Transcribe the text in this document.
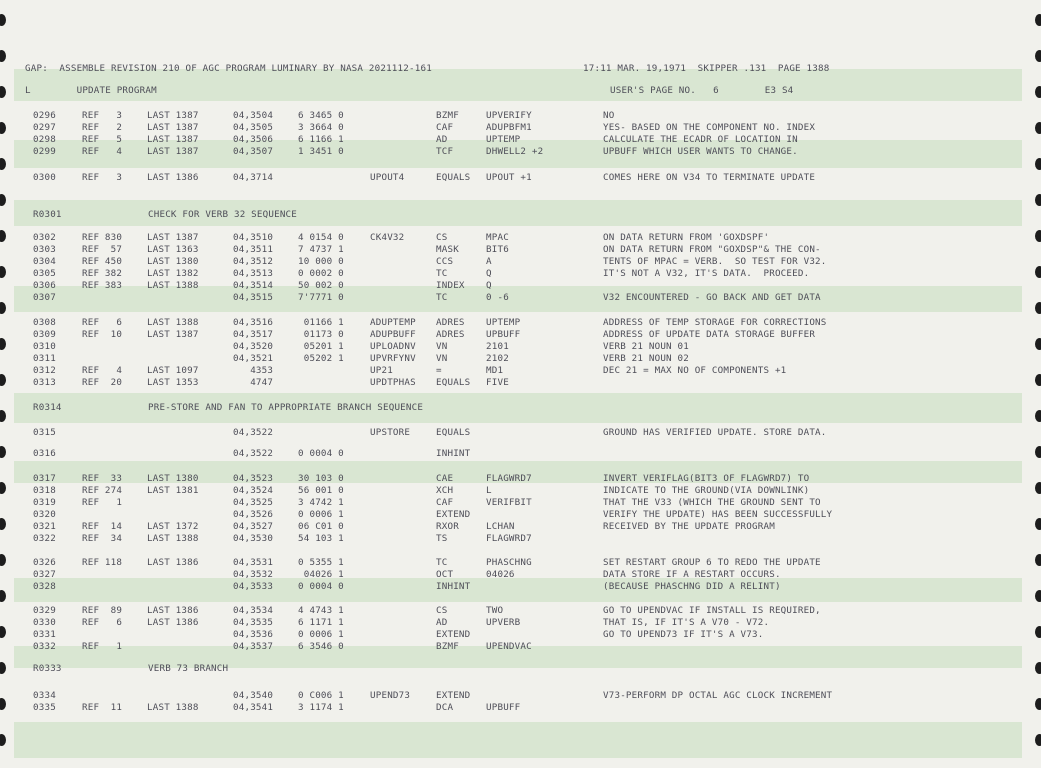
GAP:  ASSEMBLE REVISION 210 OF AGC PROGRAM LUMINARY BY NASA 2021112-161

	17:11 MAR. 19,1971  SKIPPER .131  PAGE 1388

L        UPDATE PROGRAM

	USER'S PAGE NO.   6        E3 S4

0296	REF   3	LAST 1387	04,3504	6 3465 0	BZMF	UPVERIFY	NO
0297	REF   2	LAST 1387	04,3505	3 3664 0	CAF	ADUPBFM1	YES- BASED ON THE COMPONENT NO. INDEX
0298	REF   5	LAST 1387	04,3506	6 1166 1	AD	UPTEMP	CALCULATE THE ECADR OF LOCATION IN
0299	REF   4	LAST 1387	04,3507	1 3451 0	TCF	DHWELL2 +2	UPBUFF WHICH USER WANTS TO CHANGE.
0300	REF   3	LAST 1386	04,3714	UPOUT4	EQUALS UPOUT +1	COMES HERE ON V34 TO TERMINATE UPDATE
R0301	CHECK FOR VERB 32 SEQUENCE
0302	REF 830	LAST 1387	04,3510	4 0154 0	CK4V32	CS	MPAC	ON DATA RETURN FROM 'GOXDSPF'
0303	REF  57	LAST 1363	04,3511	7 4737 1	MASK	BIT6	ON DATA RETURN FROM "GOXDSP"& THE CON-
0304	REF 450	LAST 1380	04,3512	10 000 0	CCS	A	TENTS OF MPAC = VERB.  SO TEST FOR V32.
0305	REF 382	LAST 1382	04,3513	0 0002 0	TC	Q	IT'S NOT A V32, IT'S DATA.  PROCEED.
0306	REF 383	LAST 1388	04,3514	50 002 0	INDEX Q
0307	04,3515	7'7771 0	TC	0 -6	V32 ENCOUNTERED - GO BACK AND GET DATA
0308	REF   6	LAST 1388	04,3516	01166 1	ADUPTEMP ADRES UPTEMP	ADDRESS OF TEMP STORAGE FOR CORRECTIONS
0309	REF  10	LAST 1387	04,3517	01173 0	ADUPBUFF ADRES UPBUFF	ADDRESS OF UPDATE DATA STORAGE BUFFER
0310	04,3520	05201 1	UPLOADNV VN	2101	VERB 21 NOUN 01
0311	04,3521	05202 1	UPVRFYNV VN	2102	VERB 21 NOUN 02
0312	REF   4	LAST 1097	4353	UP21	=	MD1	DEC 21 = MAX NO OF COMPONENTS +1
0313	REF  20	LAST 1353	4747	UPDTPHAS EQUALS FIVE
R0314	PRE-STORE AND FAN TO APPROPRIATE BRANCH SEQUENCE
0315	04,3522	UPSTORE	EQUALS	GROUND HAS VERIFIED UPDATE. STORE DATA.
0316	04,3522	0 0004 0	INHINT
0317	REF  33	LAST 1380	04,3523	30 103 0	CAE	FLAGWRD7	INVERT VERIFLAG(BIT3 OF FLAGWRD7) TO
0318	REF 274	LAST 1381	04,3524	56 001 0	XCH	L	INDICATE TO THE GROUND(VIA DOWNLINK)
0319	REF   1	04,3525	3 4742 1	CAF	VERIFBIT	THAT THE V33 (WHICH THE GROUND SENT TO
0320	04,3526	0 0006 1	EXTEND	VERIFY THE UPDATE) HAS BEEN SUCCESSFULLY
0321	REF  14	LAST 1372	04,3527	06 C01 0	RXOR	LCHAN	RECEIVED BY THE UPDATE PROGRAM
0322	REF  34	LAST 1388	04,3530	54 103 1	TS	FLAGWRD7
0326	REF 118	LAST 1386	04,3531	0 5355 1	TC	PHASCHNG	SET RESTART GROUP 6 TO REDO THE UPDATE
0327	04,3532	04026 1	OCT	04026	DATA STORE IF A RESTART OCCURS.
0328	04,3533	0 0004 0	INHINT	(BECAUSE PHASCHNG DID A RELINT)
0329	REF  89	LAST 1386	04,3534	4 4743 1	CS	TWO	GO TO UPENDVAC IF INSTALL IS REQUIRED,
0330	REF   6	LAST 1386	04,3535	6 1171 1	AD	UPVERB	THAT IS, IF IT'S A V70 - V72.
0331	04,3536	0 0006 1	EXTEND	GO TO UPEND73 IF IT'S A V73.
0332	REF   1	04,3537	6 3546 0	BZMF	UPENDVAC
R0333	VERB 73 BRANCH
0334	04,3540	0 C006 1	UPEND73	EXTEND	V73-PERFORM DP OCTAL AGC CLOCK INCREMENT
0335	REF  11	LAST 1388	04,3541	3 1174 1	DCA	UPBUFF
